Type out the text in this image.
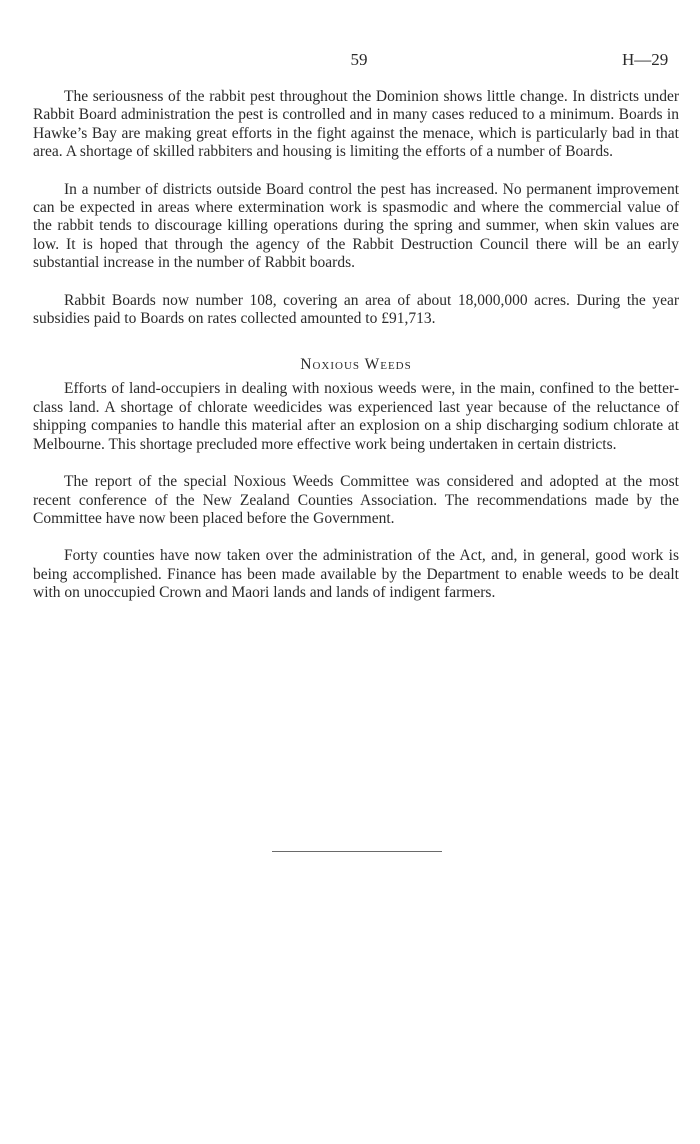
59	H—29

The seriousness of the rabbit pest throughout the Dominion shows little change. In districts under Rabbit Board administration the pest is controlled and in many cases reduced to a minimum. Boards in Hawke’s Bay are making great efforts in the fight against the menace, which is particularly bad in that area. A shortage of skilled rabbiters and housing is limiting the efforts of a number of Boards.

In a number of districts outside Board control the pest has increased. No permanent improvement can be expected in areas where extermination work is spasmodic and where the commercial value of the rabbit tends to discourage killing operations during the spring and summer, when skin values are low. It is hoped that through the agency of the Rabbit Destruction Council there will be an early substantial increase in the number of Rabbit boards.

Rabbit Boards now number 108, covering an area of about 18,000,000 acres. During the year subsidies paid to Boards on rates collected amounted to £91,713.

Noxious Weeds

Efforts of land-occupiers in dealing with noxious weeds were, in the main, confined to the better-class land. A shortage of chlorate weedicides was experienced last year because of the reluctance of shipping companies to handle this material after an explosion on a ship discharging sodium chlorate at Melbourne. This shortage precluded more effective work being undertaken in certain districts.

The report of the special Noxious Weeds Committee was considered and adopted at the most recent conference of the New Zealand Counties Association. The recommendations made by the Committee have now been placed before the Government.

Forty counties have now taken over the administration of the Act, and, in general, good work is being accomplished. Finance has been made available by the Department to enable weeds to be dealt with on unoccupied Crown and Maori lands and lands of indigent farmers.
